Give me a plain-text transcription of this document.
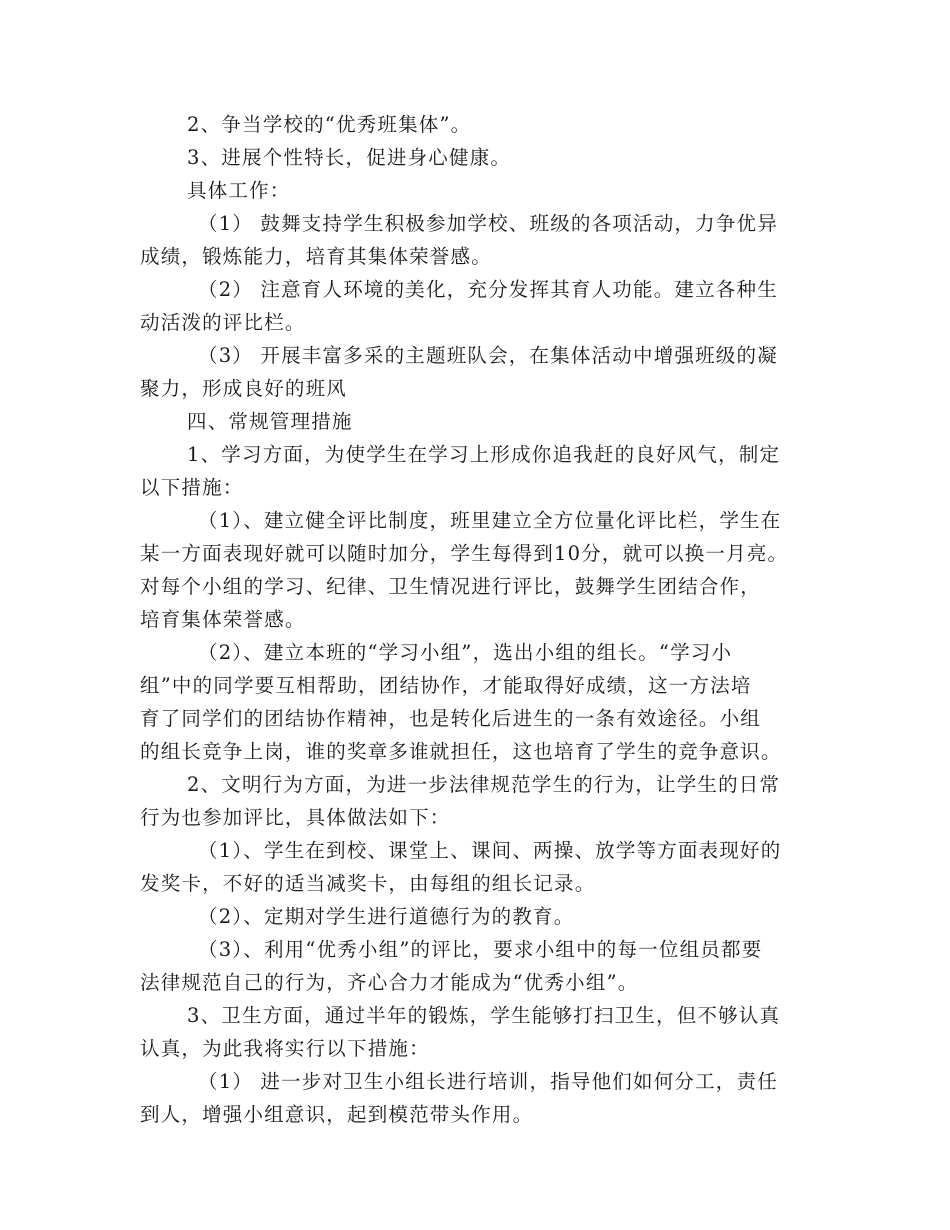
2、争当学校的“优秀班集体”。
3、进展个性特长，促进身心健康。
具体工作：
（1） 鼓舞支持学生积极参加学校、班级的各项活动，力争优异
成绩，锻炼能力，培育其集体荣誉感。
（2） 注意育人环境的美化，充分发挥其育人功能。建立各种生
动活泼的评比栏。
（3） 开展丰富多采的主题班队会，在集体活动中增强班级的凝
聚力，形成良好的班风
四、常规管理措施
1、学习方面，为使学生在学习上形成你追我赶的良好风气，制定
以下措施：
（1）、建立健全评比制度，班里建立全方位量化评比栏，学生在
某一方面表现好就可以随时加分，学生每得到10分，就可以换一月亮。
对每个小组的学习、纪律、卫生情况进行评比，鼓舞学生团结合作，
培育集体荣誉感。
（2）、建立本班的“学习小组”，选出小组的组长。“学习小
组”中的同学要互相帮助，团结协作，才能取得好成绩，这一方法培
育了同学们的团结协作精神，也是转化后进生的一条有效途径。小组
的组长竞争上岗，谁的奖章多谁就担任，这也培育了学生的竞争意识。
2、文明行为方面，为进一步法律规范学生的行为，让学生的日常
行为也参加评比，具体做法如下：
（1）、学生在到校、课堂上、课间、两操、放学等方面表现好的
发奖卡，不好的适当减奖卡，由每组的组长记录。
（2）、定期对学生进行道德行为的教育。
（3）、利用“优秀小组”的评比，要求小组中的每一位组员都要
法律规范自己的行为，齐心合力才能成为“优秀小组”。
3、卫生方面，通过半年的锻炼，学生能够打扫卫生，但不够认真
认真，为此我将实行以下措施：
（1） 进一步对卫生小组长进行培训，指导他们如何分工，责任
到人，增强小组意识，起到模范带头作用。
